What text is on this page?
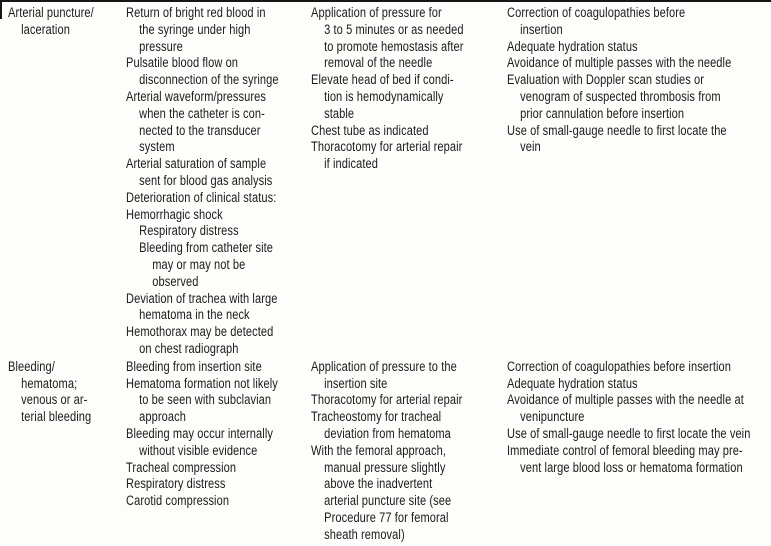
Arterial puncture/
laceration
Return of bright red blood in
the syringe under high
pressure
Pulsatile blood flow on
disconnection of the syringe
Arterial waveform/pressures
when the catheter is con-
nected to the transducer
system
Arterial saturation of sample
sent for blood gas analysis
Deterioration of clinical status:
Hemorrhagic shock
Respiratory distress
Bleeding from catheter site
may or may not be
observed
Deviation of trachea with large
hematoma in the neck
Hemothorax may be detected
on chest radiograph
Application of pressure for
3 to 5 minutes or as needed
to promote hemostasis after
removal of the needle
Elevate head of bed if condi-
tion is hemodynamically
stable
Chest tube as indicated
Thoracotomy for arterial repair
if indicated
Correction of coagulopathies before
insertion
Adequate hydration status
Avoidance of multiple passes with the needle
Evaluation with Doppler scan studies or
venogram of suspected thrombosis from
prior cannulation before insertion
Use of small-gauge needle to first locate the
vein
Bleeding/
hematoma;
venous or ar-
terial bleeding
Bleeding from insertion site
Hematoma formation not likely
to be seen with subclavian
approach
Bleeding may occur internally
without visible evidence
Tracheal compression
Respiratory distress
Carotid compression
Application of pressure to the
insertion site
Thoracotomy for arterial repair
Tracheostomy for tracheal
deviation from hematoma
With the femoral approach,
manual pressure slightly
above the inadvertent
arterial puncture site (see
Procedure 77 for femoral
sheath removal)
Correction of coagulopathies before insertion
Adequate hydration status
Avoidance of multiple passes with the needle at
venipuncture
Use of small-gauge needle to first locate the vein
Immediate control of femoral bleeding may pre-
vent large blood loss or hematoma formation
